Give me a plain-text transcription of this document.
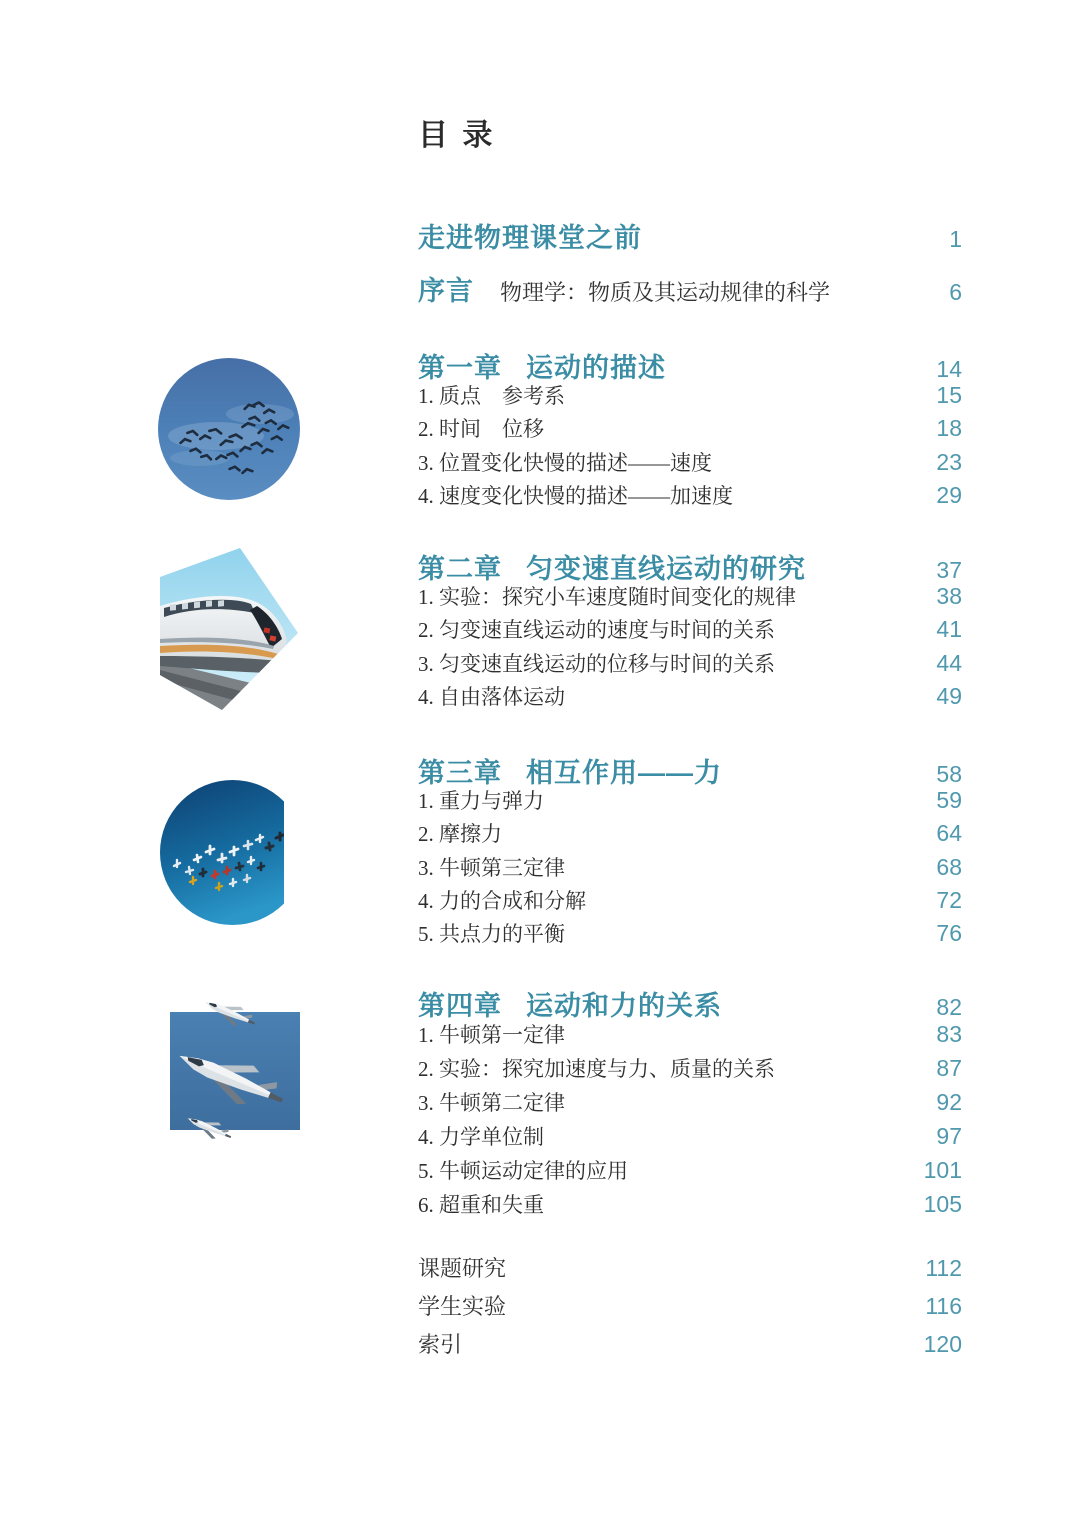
目 录
走进物理课堂之前	1
序言 物理学：物质及其运动规律的科学	6
第一章 运动的描述	14
1. 质点　参考系	15
2. 时间　位移	18
3. 位置变化快慢的描述——速度	23
4. 速度变化快慢的描述——加速度	29
第二章 匀变速直线运动的研究	37
1. 实验：探究小车速度随时间变化的规律	38
2. 匀变速直线运动的速度与时间的关系	41
3. 匀变速直线运动的位移与时间的关系	44
4. 自由落体运动	49
第三章 相互作用——力	58
1. 重力与弹力	59
2. 摩擦力	64
3. 牛顿第三定律	68
4. 力的合成和分解	72
5. 共点力的平衡	76
第四章 运动和力的关系	82
1. 牛顿第一定律	83
2. 实验：探究加速度与力、质量的关系	87
3. 牛顿第二定律	92
4. 力学单位制	97
5. 牛顿运动定律的应用	101
6. 超重和失重	105
课题研究	112
学生实验	116
索引	120
